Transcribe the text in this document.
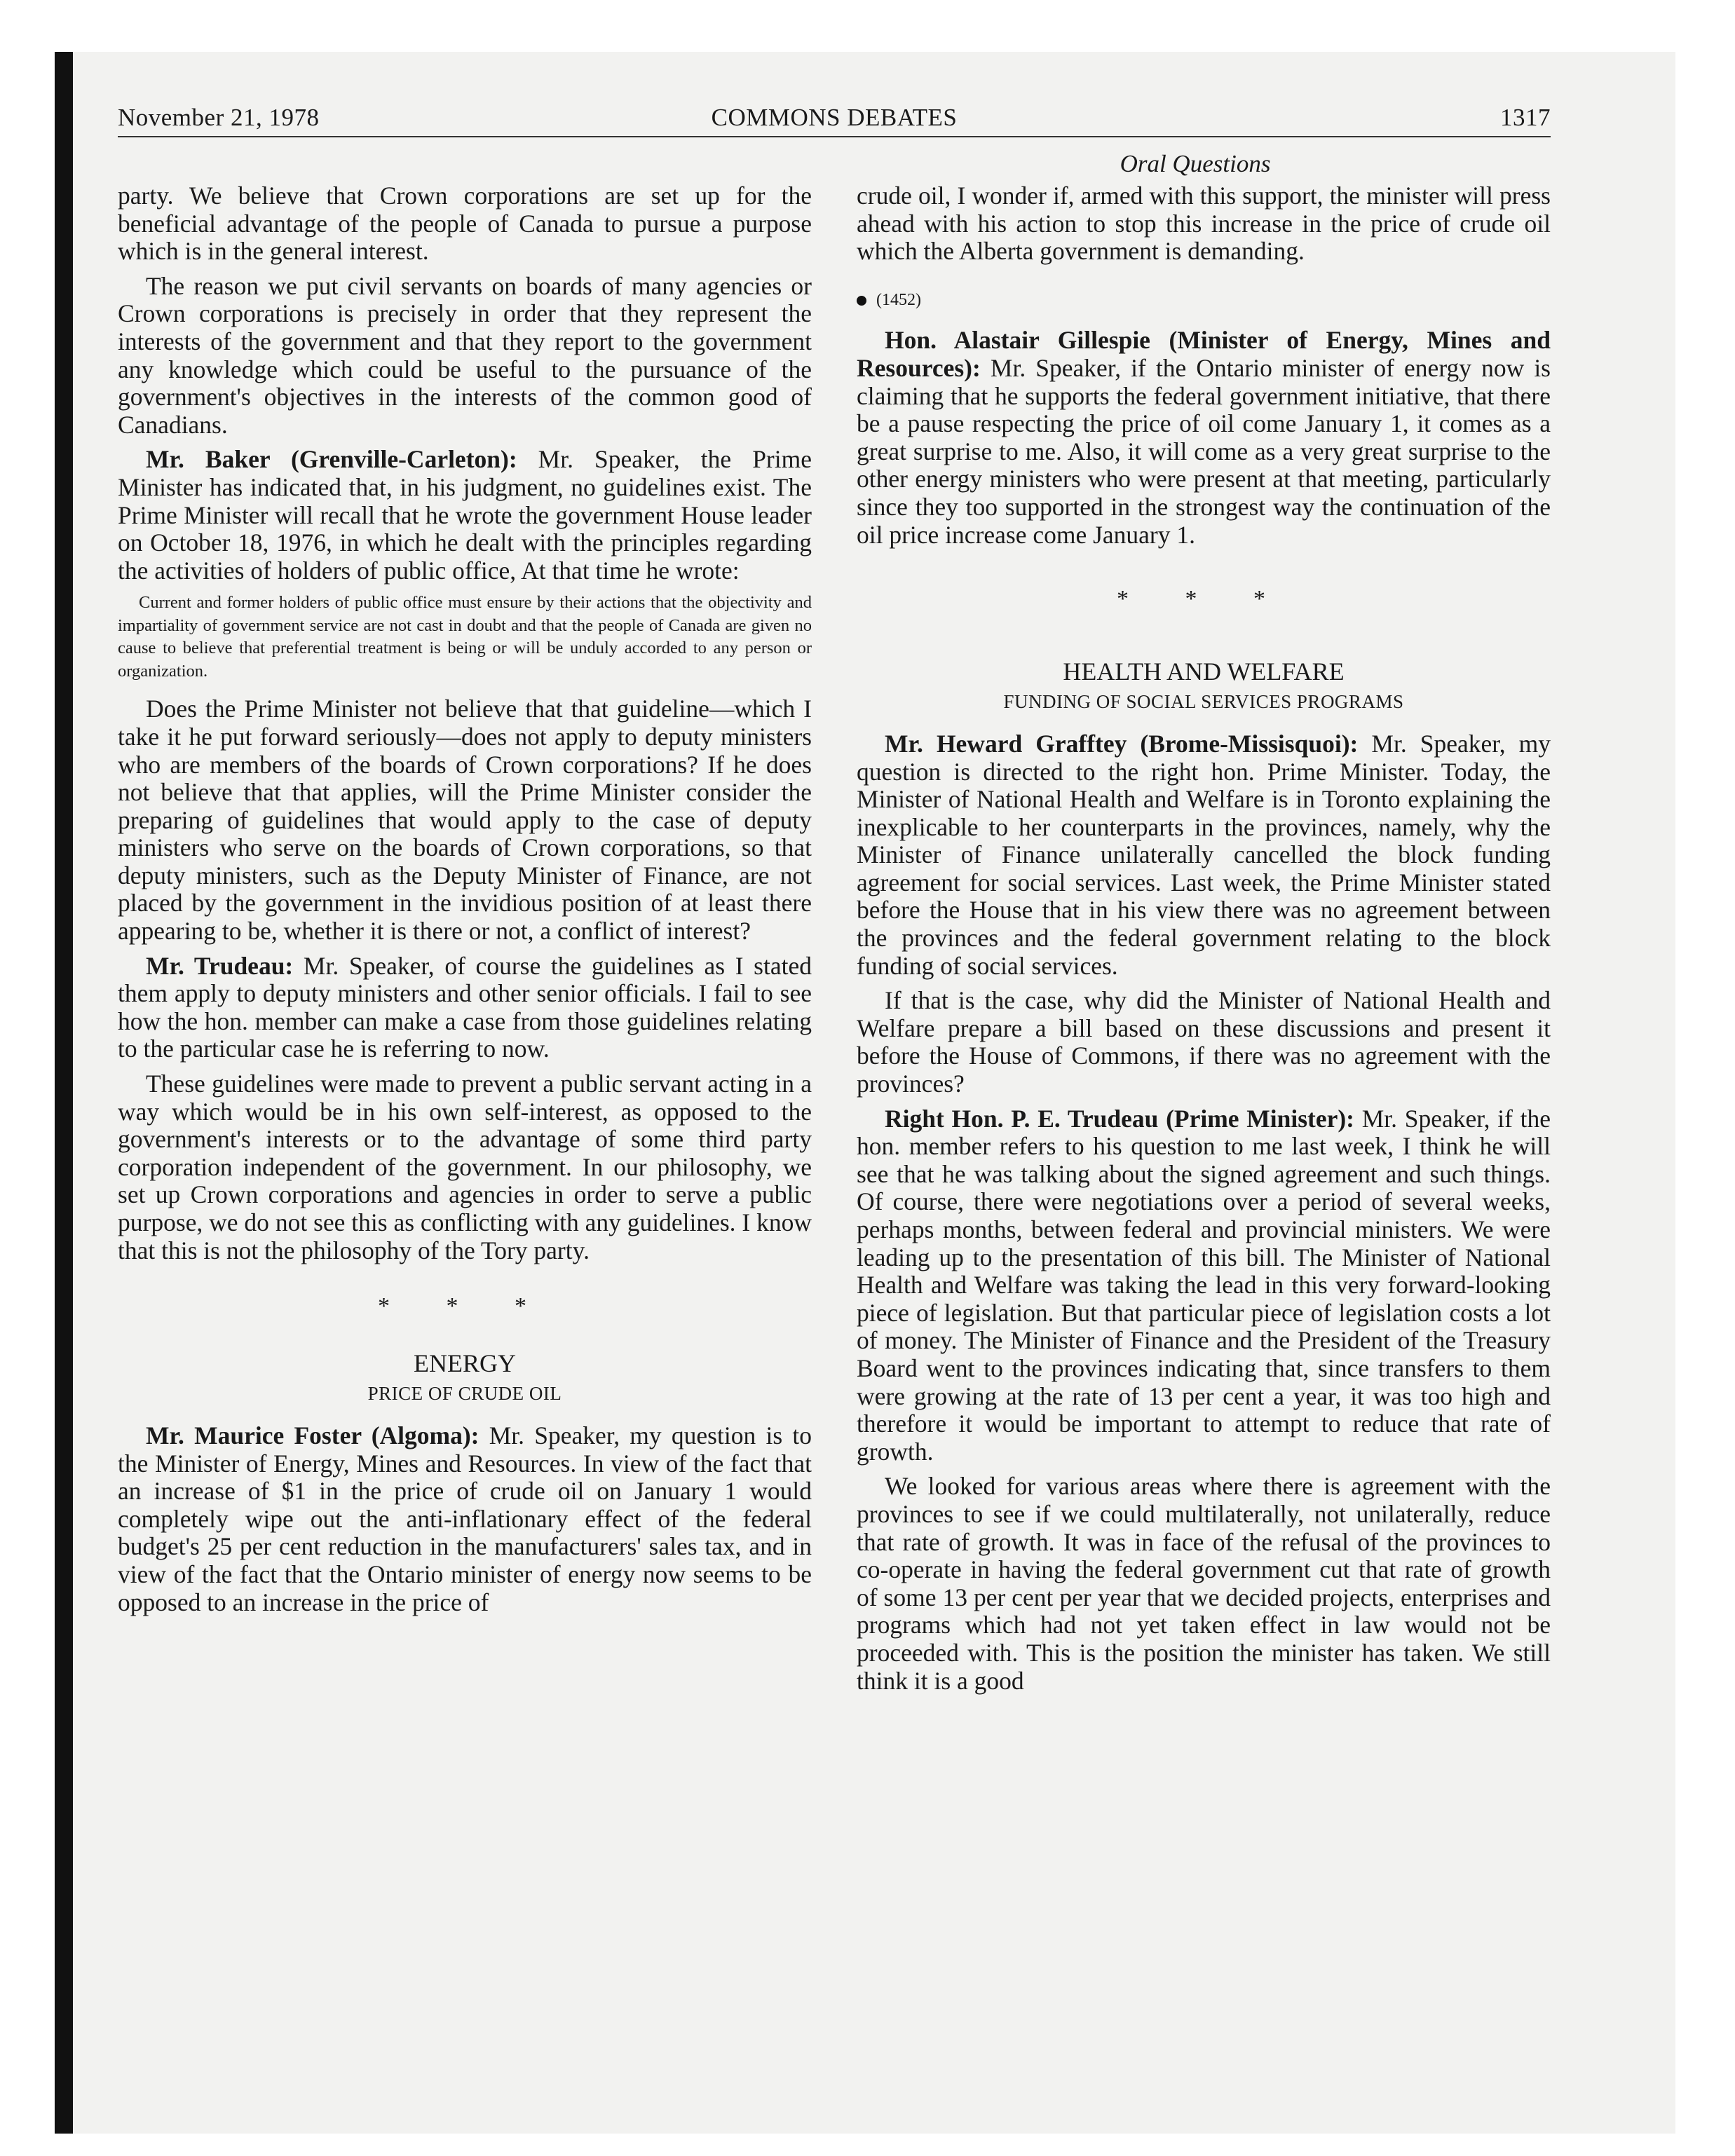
COMMONS DEBATES
November 21, 1978	1317
Oral Questions

party. We believe that Crown corporations are set up for the beneficial advantage of the people of Canada to pursue a purpose which is in the general interest.

The reason we put civil servants on boards of many agencies or Crown corporations is precisely in order that they represent the interests of the government and that they report to the government any knowledge which could be useful to the pursuance of the government's objectives in the interests of the common good of Canadians.

Mr. Baker (Grenville-Carleton): Mr. Speaker, the Prime Minister has indicated that, in his judgment, no guidelines exist. The Prime Minister will recall that he wrote the government House leader on October 18, 1976, in which he dealt with the principles regarding the activities of holders of public office, At that time he wrote:

Current and former holders of public office must ensure by their actions that the objectivity and impartiality of government service are not cast in doubt and that the people of Canada are given no cause to believe that preferential treatment is being or will be unduly accorded to any person or organization.

Does the Prime Minister not believe that that guideline—which I take it he put forward seriously—does not apply to deputy ministers who are members of the boards of Crown corporations? If he does not believe that that applies, will the Prime Minister consider the preparing of guidelines that would apply to the case of deputy ministers who serve on the boards of Crown corporations, so that deputy ministers, such as the Deputy Minister of Finance, are not placed by the government in the invidious position of at least there appearing to be, whether it is there or not, a conflict of interest?

Mr. Trudeau: Mr. Speaker, of course the guidelines as I stated them apply to deputy ministers and other senior officials. I fail to see how the hon. member can make a case from those guidelines relating to the particular case he is referring to now.

These guidelines were made to prevent a public servant acting in a way which would be in his own self-interest, as opposed to the government's interests or to the advantage of some third party corporation independent of the government. In our philosophy, we set up Crown corporations and agencies in order to serve a public purpose, we do not see this as conflicting with any guidelines. I know that this is not the philosophy of the Tory party.

* * *
ENERGY
PRICE OF CRUDE OIL

Mr. Maurice Foster (Algoma): Mr. Speaker, my question is to the Minister of Energy, Mines and Resources. In view of the fact that an increase of $1 in the price of crude oil on January 1 would completely wipe out the anti-inflationary effect of the federal budget's 25 per cent reduction in the manufacturers' sales tax, and in view of the fact that the Ontario minister of energy now seems to be opposed to an increase in the price of

crude oil, I wonder if, armed with this support, the minister will press ahead with his action to stop this increase in the price of crude oil which the Alberta government is demanding.

(1452)

Hon. Alastair Gillespie (Minister of Energy, Mines and Resources): Mr. Speaker, if the Ontario minister of energy now is claiming that he supports the federal government initiative, that there be a pause respecting the price of oil come January 1, it comes as a great surprise to me. Also, it will come as a very great surprise to the other energy ministers who were present at that meeting, particularly since they too supported in the strongest way the continuation of the oil price increase come January 1.

* * *
HEALTH AND WELFARE
FUNDING OF SOCIAL SERVICES PROGRAMS

Mr. Heward Grafftey (Brome-Missisquoi): Mr. Speaker, my question is directed to the right hon. Prime Minister. Today, the Minister of National Health and Welfare is in Toronto explaining the inexplicable to her counterparts in the provinces, namely, why the Minister of Finance unilaterally cancelled the block funding agreement for social services. Last week, the Prime Minister stated before the House that in his view there was no agreement between the provinces and the federal government relating to the block funding of social services.

If that is the case, why did the Minister of National Health and Welfare prepare a bill based on these discussions and present it before the House of Commons, if there was no agreement with the provinces?

Right Hon. P. E. Trudeau (Prime Minister): Mr. Speaker, if the hon. member refers to his question to me last week, I think he will see that he was talking about the signed agreement and such things. Of course, there were negotiations over a period of several weeks, perhaps months, between federal and provincial ministers. We were leading up to the presentation of this bill. The Minister of National Health and Welfare was taking the lead in this very forward-looking piece of legislation. But that particular piece of legislation costs a lot of money. The Minister of Finance and the President of the Treasury Board went to the provinces indicating that, since transfers to them were growing at the rate of 13 per cent a year, it was too high and therefore it would be important to attempt to reduce that rate of growth.

We looked for various areas where there is agreement with the provinces to see if we could multilaterally, not unilaterally, reduce that rate of growth. It was in face of the refusal of the provinces to co-operate in having the federal government cut that rate of growth of some 13 per cent per year that we decided projects, enterprises and programs which had not yet taken effect in law would not be proceeded with. This is the position the minister has taken. We still think it is a good
